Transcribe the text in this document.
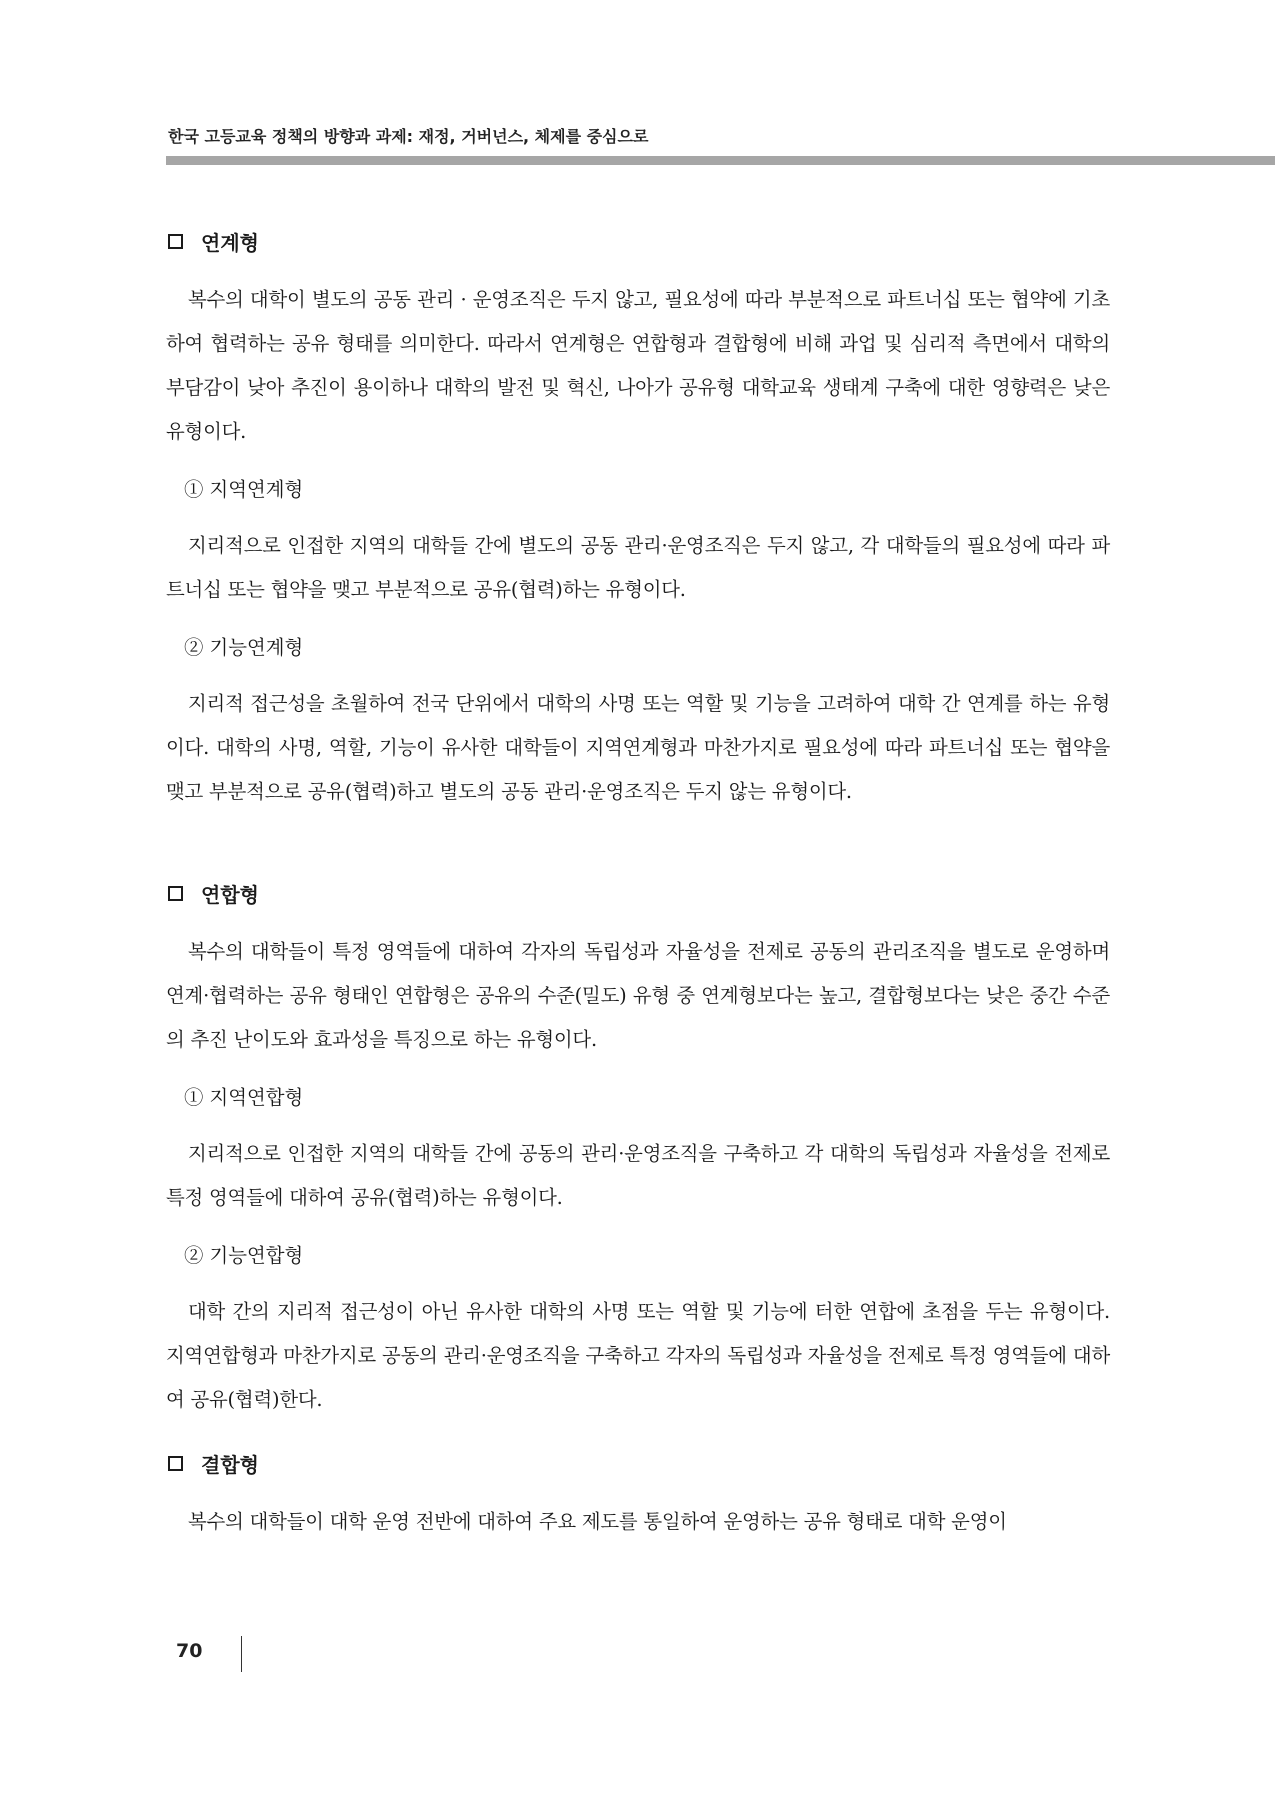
한국 고등교육 정책의 방향과 과제: 재정, 거버넌스, 체제를 중심으로
연계형

복수의 대학이 별도의 공동 관리 · 운영조직은 두지 않고, 필요성에 따라 부분적으로 파트너십 또는 협약에 기초하여 협력하는 공유 형태를 의미한다. 따라서 연계형은 연합형과 결합형에 비해 과업 및 심리적 측면에서 대학의 부담감이 낮아 추진이 용이하나 대학의 발전 및 혁신, 나아가 공유형 대학교육 생태계 구축에 대한 영향력은 낮은 유형이다.

① 지역연계형

지리적으로 인접한 지역의 대학들 간에 별도의 공동 관리·운영조직은 두지 않고, 각 대학들의 필요성에 따라 파트너십 또는 협약을 맺고 부분적으로 공유(협력)하는 유형이다.

② 기능연계형

지리적 접근성을 초월하여 전국 단위에서 대학의 사명 또는 역할 및 기능을 고려하여 대학 간 연계를 하는 유형이다. 대학의 사명, 역할, 기능이 유사한 대학들이 지역연계형과 마찬가지로 필요성에 따라 파트너십 또는 협약을 맺고 부분적으로 공유(협력)하고 별도의 공동 관리·운영조직은 두지 않는 유형이다.

연합형

복수의 대학들이 특정 영역들에 대하여 각자의 독립성과 자율성을 전제로 공동의 관리조직을 별도로 운영하며 연계·협력하는 공유 형태인 연합형은 공유의 수준(밀도) 유형 중 연계형보다는 높고, 결합형보다는 낮은 중간 수준의 추진 난이도와 효과성을 특징으로 하는 유형이다.

① 지역연합형

지리적으로 인접한 지역의 대학들 간에 공동의 관리·운영조직을 구축하고 각 대학의 독립성과 자율성을 전제로 특정 영역들에 대하여 공유(협력)하는 유형이다.

② 기능연합형

대학 간의 지리적 접근성이 아닌 유사한 대학의 사명 또는 역할 및 기능에 터한 연합에 초점을 두는 유형이다. 지역연합형과 마찬가지로 공동의 관리·운영조직을 구축하고 각자의 독립성과 자율성을 전제로 특정 영역들에 대하여 공유(협력)한다.

결합형

복수의 대학들이 대학 운영 전반에 대하여 주요 제도를 통일하여 운영하는 공유 형태로 대학 운영이

70
